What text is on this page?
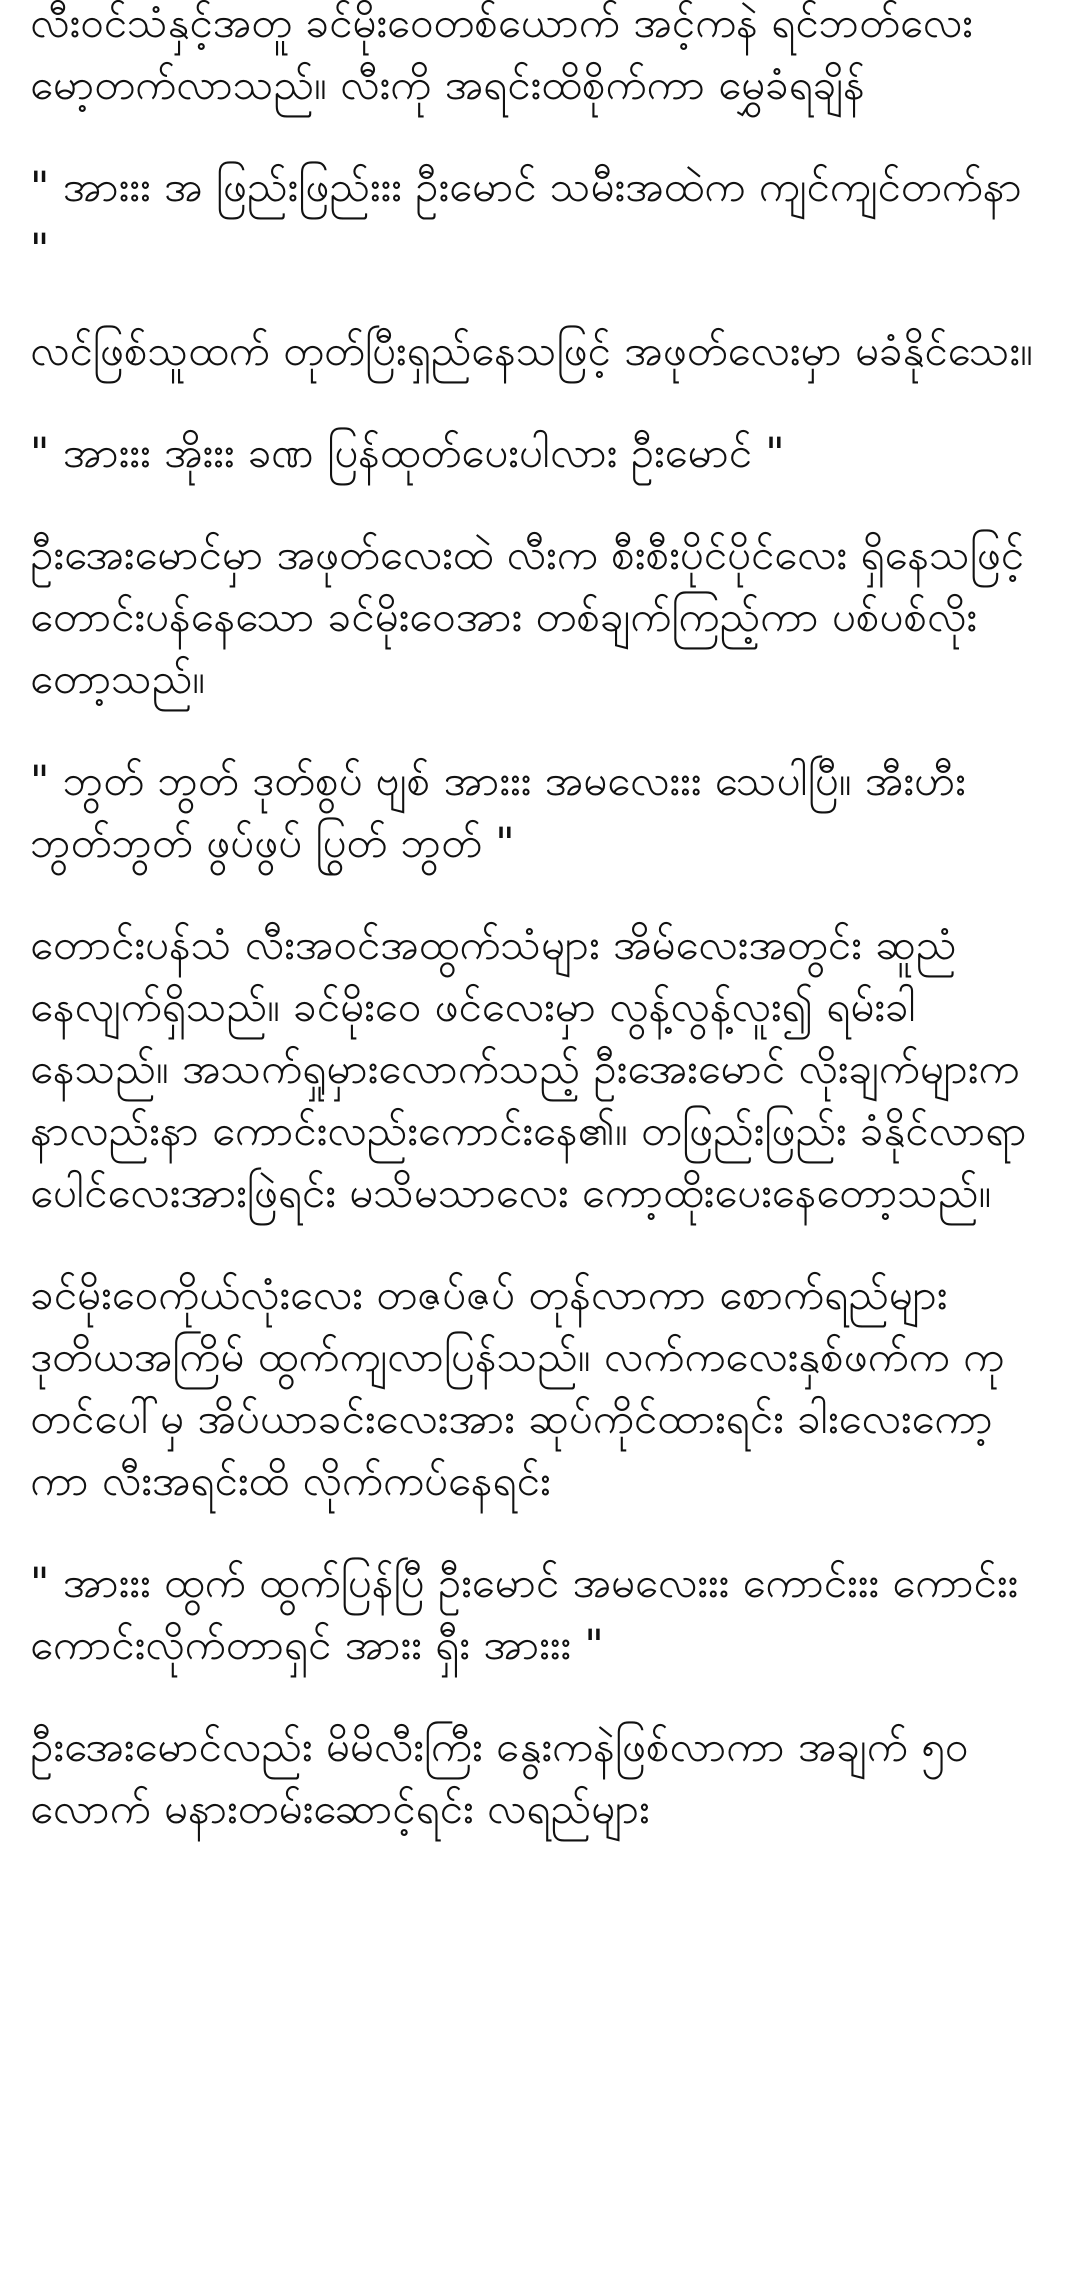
လီးဝင်သံနှင့်အတူ ခင်မိုးဝေတစ်ယောက် အင့်ကနဲ ရင်ဘတ်လေး မော့တက်လာသည်။ လီးကို အရင်းထိစိုက်ကာ မွှေခံရချိန်

" အားးး အ ဖြည်းဖြည်းးး ဦးမောင် သမီးအထဲက ကျင်ကျင်တက်နာ "

လင်ဖြစ်သူထက် တုတ်ပြီးရှည်နေသဖြင့် အဖုတ်လေးမှာ မခံနိုင်သေး။

" အားးး အိုးးး ခဏ ပြန်ထုတ်ပေးပါလား ဦးမောင် "

ဦးအေးမောင်မှာ အဖုတ်လေးထဲ လီးက စီးစီးပိုင်ပိုင်လေး ရှိနေသဖြင့် တောင်းပန်နေသော ခင်မိုးဝေအား တစ်ချက်ကြည့်ကာ ပစ်ပစ်လိုးတော့သည်။

" ဘွတ် ဘွတ် ဒုတ်စွပ် ဗျစ် အားးး အမလေးးး သေပါပြီ။ အီးဟီး ဘွတ်ဘွတ် ဖွပ်ဖွပ် ပြွတ် ဘွတ် "

တောင်းပန်သံ လီးအဝင်အထွက်သံများ အိမ်လေးအတွင်း ဆူညံနေလျက်ရှိသည်။ ခင်မိုးဝေ ဖင်လေးမှာ လွန့်လွန့်လူး၍ ရမ်းခါနေသည်။ အသက်ရှုမှားလောက်သည့် ဦးအေးမောင် လိုးချက်များက နာလည်းနာ ကောင်းလည်းကောင်းနေ၏။ တဖြည်းဖြည်း ခံနိုင်လာရာ ပေါင်လေးအားဖြဲရင်း မသိမသာလေး ကော့ထိုးပေးနေတော့သည်။

ခင်မိုးဝေကိုယ်လုံးလေး တဇပ်ဇပ် တုန်လာကာ စောက်ရည်များ ဒုတိယအကြိမ် ထွက်ကျလာပြန်သည်။ လက်ကလေးနှစ်ဖက်က ကုတင်ပေါ်မှ အိပ်ယာခင်းလေးအား ဆုပ်ကိုင်ထားရင်း ခါးလေးကော့ကာ လီးအရင်းထိ လိုက်ကပ်နေရင်း

" အားးး ထွက် ထွက်ပြန်ပြီ ဦးမောင် အမလေးးး ကောင်းးး ကောင်းး ကောင်းလိုက်တာရှင် အားး ရှီး အားးး "

ဦးအေးမောင်လည်း မိမိလီးကြီး နွေးကနဲဖြစ်လာကာ အချက် ၅၀ လောက် မနားတမ်းဆောင့်ရင်း လရည်များ
